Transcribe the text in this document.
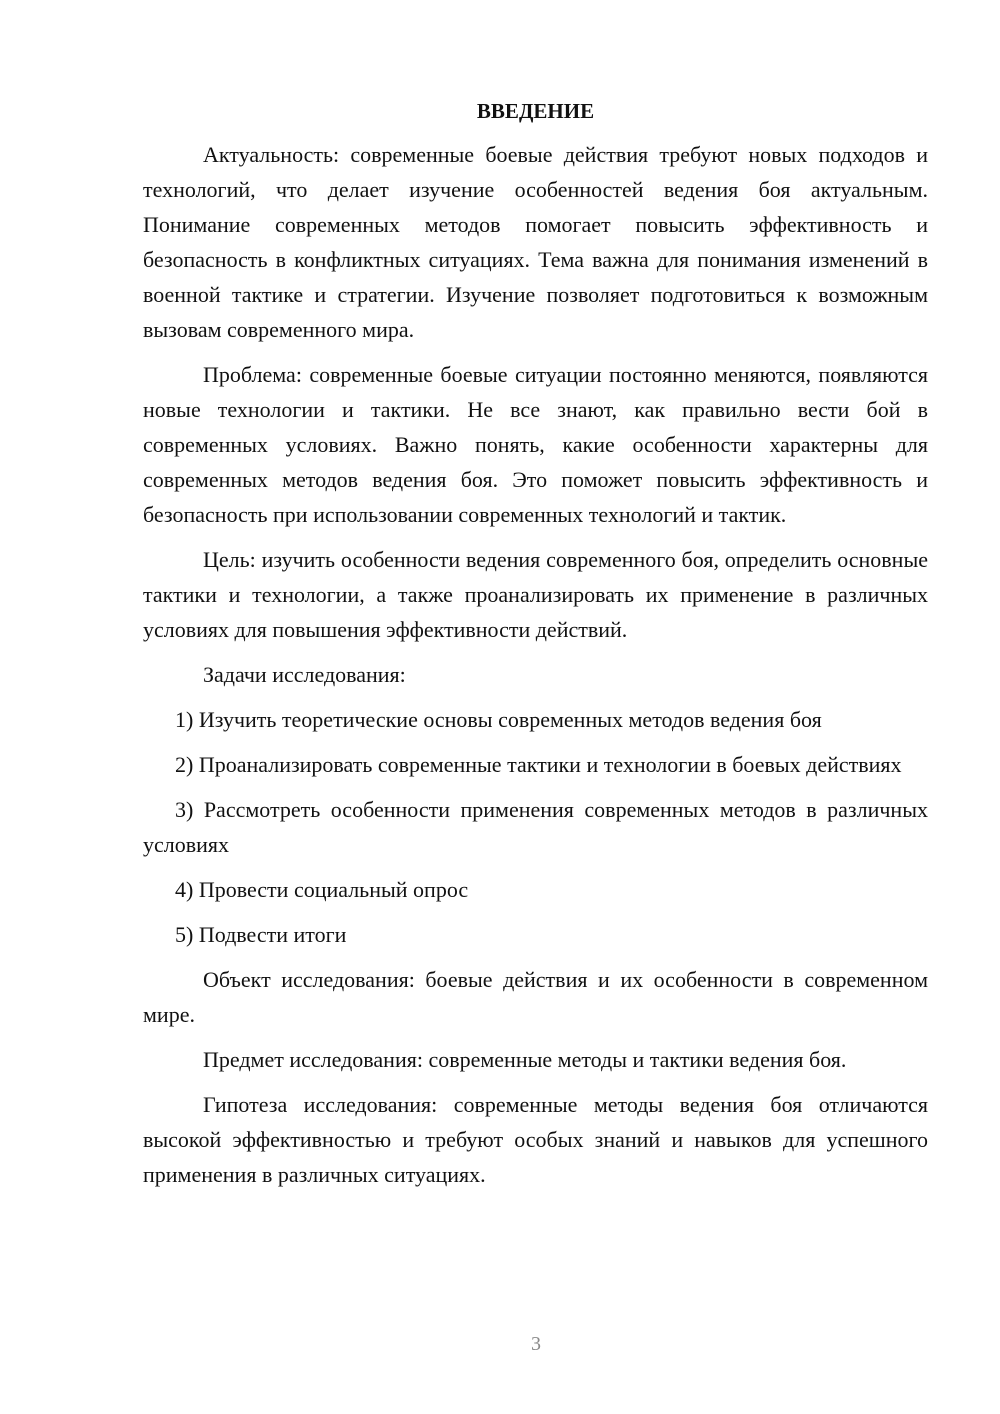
ВВЕДЕНИЕ

Актуальность: современные боевые действия требуют новых подходов и технологий, что делает изучение особенностей ведения боя актуальным. Понимание современных методов помогает повысить эффективность и безопасность в конфликтных ситуациях. Тема важна для понимания изменений в военной тактике и стратегии. Изучение позволяет подготовиться к возможным вызовам современного мира.

Проблема: современные боевые ситуации постоянно меняются, появляются новые технологии и тактики. Не все знают, как правильно вести бой в современных условиях. Важно понять, какие особенности характерны для современных методов ведения боя. Это поможет повысить эффективность и безопасность при использовании современных технологий и тактик.

Цель: изучить особенности ведения современного боя, определить основные тактики и технологии, а также проанализировать их применение в различных условиях для повышения эффективности действий.

Задачи исследования:

1) Изучить теоретические основы современных методов ведения боя

2) Проанализировать современные тактики и технологии в боевых действиях

3) Рассмотреть особенности применения современных методов в различных условиях

4) Провести социальный опрос

5) Подвести итоги

Объект исследования: боевые действия и их особенности в современном мире.

Предмет исследования: современные методы и тактики ведения боя.

Гипотеза исследования: современные методы ведения боя отличаются высокой эффективностью и требуют особых знаний и навыков для успешного применения в различных ситуациях.

3
